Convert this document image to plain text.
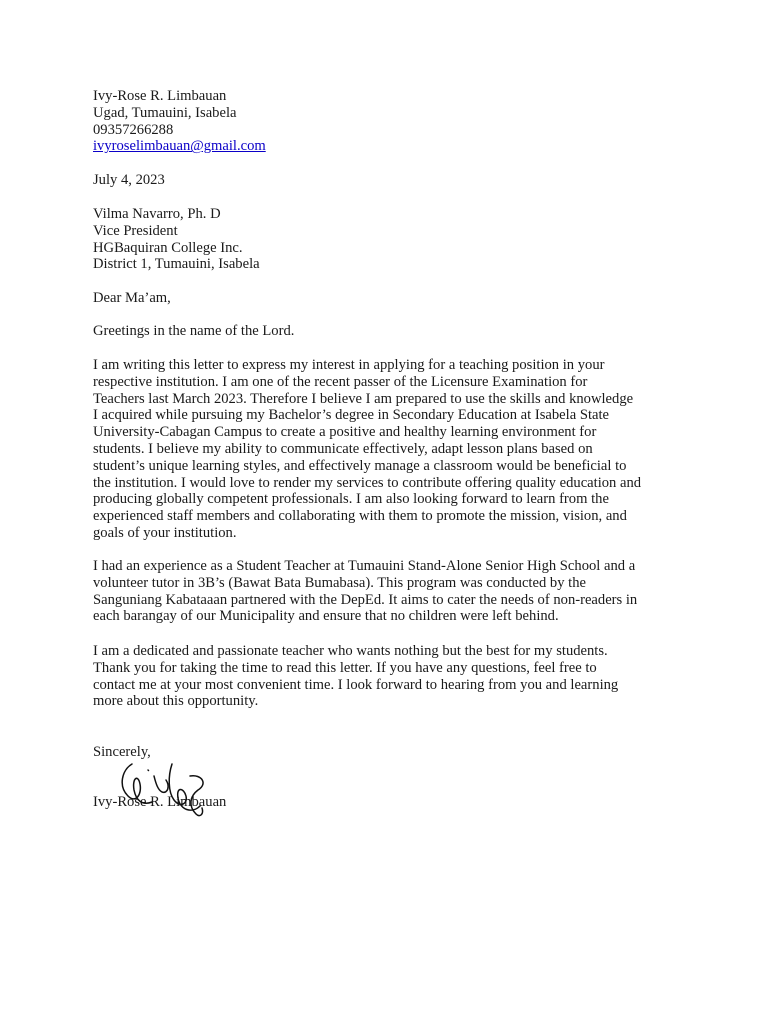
Ivy-Rose R. Limbauan
Ugad, Tumauini, Isabela
09357266288
ivyroselimbauan@gmail.com
July 4, 2023
Vilma Navarro, Ph. D
Vice President
HGBaquiran College Inc.
District 1, Tumauini, Isabela
Dear Ma’am,
Greetings in the name of the Lord.
I am writing this letter to express my interest in applying for a teaching position in your
respective institution. I am one of the recent passer of the Licensure Examination for
Teachers last March 2023. Therefore I believe I am prepared to use the skills and knowledge
I acquired while pursuing my Bachelor’s degree in Secondary Education at Isabela State
University-Cabagan Campus to create a positive and healthy learning environment for
students. I believe my ability to communicate effectively, adapt lesson plans based on
student’s unique learning styles, and effectively manage a classroom would be beneficial to
the institution. I would love to render my services to contribute offering quality education and
producing globally competent professionals. I am also looking forward to learn from the
experienced staff members and collaborating with them to promote the mission, vision, and
goals of your institution.
I had an experience as a Student Teacher at Tumauini Stand-Alone Senior High School and a
volunteer tutor in 3B’s (Bawat Bata Bumabasa). This program was conducted by the
Sanguniang Kabataaan partnered with the DepEd. It aims to cater the needs of non-readers in
each barangay of our Municipality and ensure that no children were left behind.
I am a dedicated and passionate teacher who wants nothing but the best for my students.
Thank you for taking the time to read this letter. If you have any questions, feel free to
contact me at your most convenient time. I look forward to hearing from you and learning
more about this opportunity.
Sincerely,
Ivy-Rose R. Limbauan
